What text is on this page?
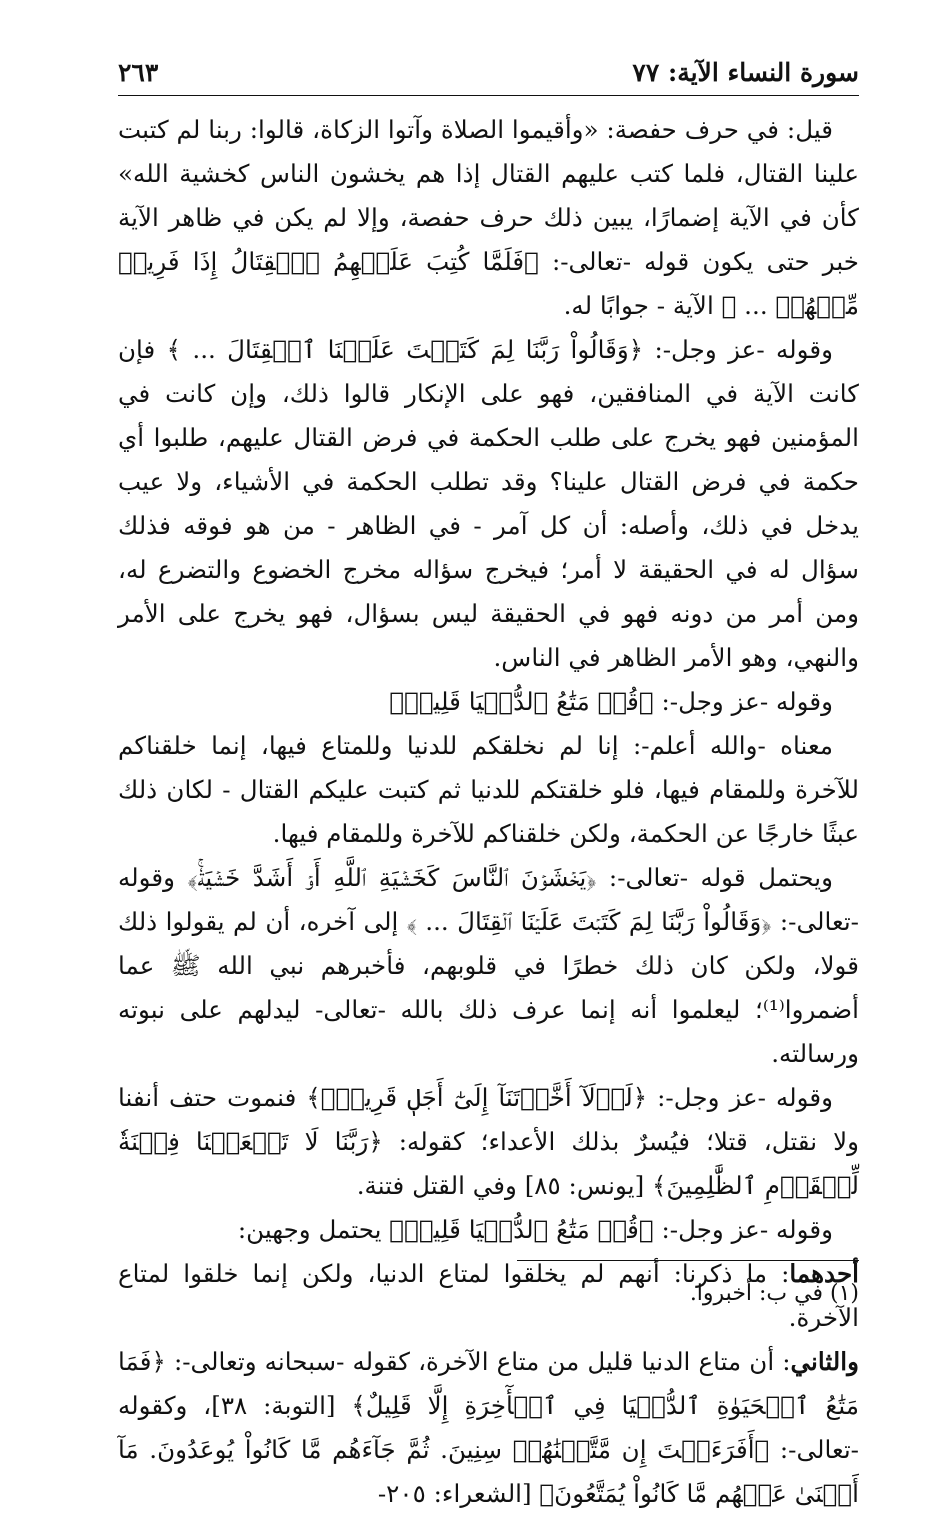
سورة النساء الآية: ٧٧
٢٦٣

قيل: في حرف حفصة: «وأقيموا الصلاة وآتوا الزكاة، قالوا: ربنا لم كتبت علينا القتال، فلما كتب عليهم القتال إذا هم يخشون الناس كخشية الله» كأن في الآية إضمارًا، يبين ذلك حرف حفصة، وإلا لم يكن في ظاهر الآية خبر حتى يكون قوله -تعالى-: ﴿فَلَمَّا كُتِبَ عَلَيۡهِمُ ٱلۡقِتَالُ إِذَا فَرِيقٞ مِّنۡهُمۡ ... ﴾ الآية - جوابًا له.

وقوله -عز وجل-: ﴿وَقَالُواْ رَبَّنَا لِمَ كَتَبۡتَ عَلَيۡنَا ٱلۡقِتَالَ ... ﴾ فإن كانت الآية في المنافقين، فهو على الإنكار قالوا ذلك، وإن كانت في المؤمنين فهو يخرج على طلب الحكمة في فرض القتال عليهم، طلبوا أي حكمة في فرض القتال علينا؟ وقد تطلب الحكمة في الأشياء، ولا عيب يدخل في ذلك، وأصله: أن كل آمر - في الظاهر - من هو فوقه فذلك سؤال له في الحقيقة لا أمر؛ فيخرج سؤاله مخرج الخضوع والتضرع له، ومن أمر من دونه فهو في الحقيقة ليس بسؤال، فهو يخرج على الأمر والنهي، وهو الأمر الظاهر في الناس.

وقوله -عز وجل-: ﴿قُلۡ مَتَٰعُ ٱلدُّنۡيَا قَلِيلٞ﴾

معناه -والله أعلم-: إنا لم نخلقكم للدنيا وللمتاع فيها، إنما خلقناكم للآخرة وللمقام فيها، فلو خلقتكم للدنيا ثم كتبت عليكم القتال - لكان ذلك عبثًا خارجًا عن الحكمة، ولكن خلقناكم للآخرة وللمقام فيها.

ويحتمل قوله -تعالى-: ﴿يَخۡشَوۡنَ ٱلنَّاسَ كَخَشۡيَةِ ٱللَّهِ أَوۡ أَشَدَّ خَشۡيَةٗۚ﴾ وقوله -تعالى-: ﴿وَقَالُواْ رَبَّنَا لِمَ كَتَبۡتَ عَلَيۡنَا ٱلۡقِتَالَ ... ﴾ إلى آخره، أن لم يقولوا ذلك قولا، ولكن كان ذلك خطرًا في قلوبهم، فأخبرهم نبي الله ﷺ عما أضمروا⁽¹⁾؛ ليعلموا أنه إنما عرف ذلك بالله -تعالى- ليدلهم على نبوته ورسالته.

وقوله -عز وجل-: ﴿لَوۡلَآ أَخَّرۡتَنَآ إِلَىٰٓ أَجَلٖ قَرِيبٖۗ﴾ فنموت حتف أنفنا ولا نقتل، قتلا؛ فيُسرٌ بذلك الأعداء؛ كقوله: ﴿رَبَّنَا لَا تَجۡعَلۡنَا فِتۡنَةٗ لِّلۡقَوۡمِ ٱلظَّٰلِمِينَ﴾ [يونس: ٨٥] وفي القتل فتنة.

وقوله -عز وجل-: ﴿قُلۡ مَتَٰعُ ٱلدُّنۡيَا قَلِيلٞ﴾ يحتمل وجهين:

أحدهما: ما ذكرنا: أنهم لم يخلقوا لمتاع الدنيا، ولكن إنما خلقوا لمتاع الآخرة.

والثاني: أن متاع الدنيا قليل من متاع الآخرة، كقوله -سبحانه وتعالى-: ﴿فَمَا مَتَٰعُ ٱلۡحَيَوٰةِ ٱلدُّنۡيَا فِي ٱلۡأٓخِرَةِ إِلَّا قَلِيلٌ﴾ [التوبة: ٣٨]، وكقوله -تعالى-: ﴿أَفَرَءَيۡتَ إِن مَّتَّعۡنَٰهُمۡ سِنِينَ. ثُمَّ جَآءَهُم مَّا كَانُواْ يُوعَدُونَ. مَآ أَغۡنَىٰ عَنۡهُم مَّا كَانُواْ يُمَتَّعُونَ﴾ [الشعراء: ٢٠٥-

(١) في ب: أخبروا.
